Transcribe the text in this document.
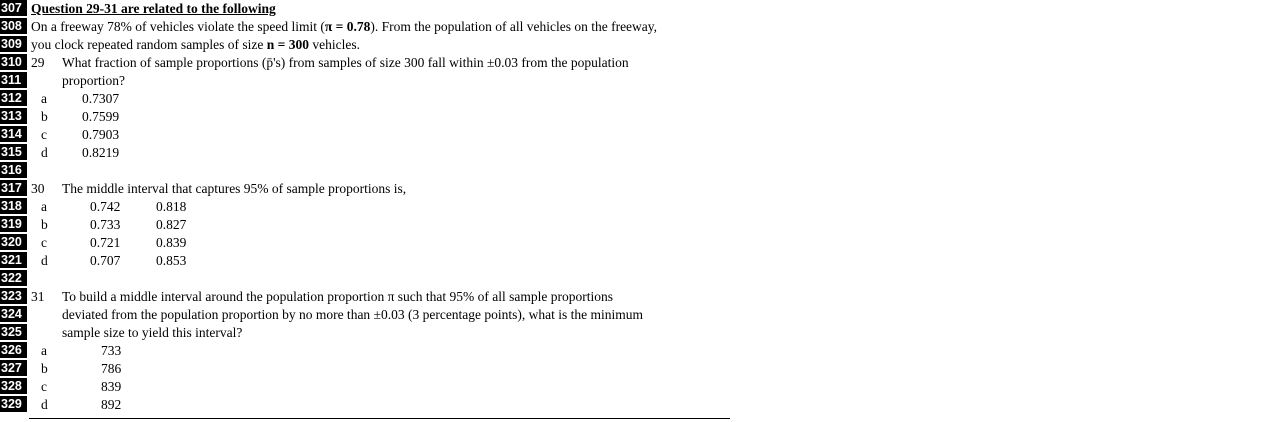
307 Question 29-31 are related to the following
308 On a freeway 78% of vehicles violate the speed limit (π = 0.78). From the population of all vehicles on the freeway,
309 you clock repeated random samples of size n = 300 vehicles.
310 29 What fraction of sample proportions (p̄'s) from samples of size 300 fall within ±0.03 from the population
311	proportion?
312	a	0.7307
313	b	0.7599
314	c	0.7903
315	d	0.8219
316
317 30 The middle interval that captures 95% of sample proportions is,
318	a	0.742	0.818
319	b	0.733	0.827
320	c	0.721	0.839
321	d	0.707	0.853
322
323 31 To build a middle interval around the population proportion π such that 95% of all sample proportions
324	deviated from the population proportion by no more than ±0.03 (3 percentage points), what is the minimum
325	sample size to yield this interval?
326	a	733
327	b	786
328	c	839
329	d	892
